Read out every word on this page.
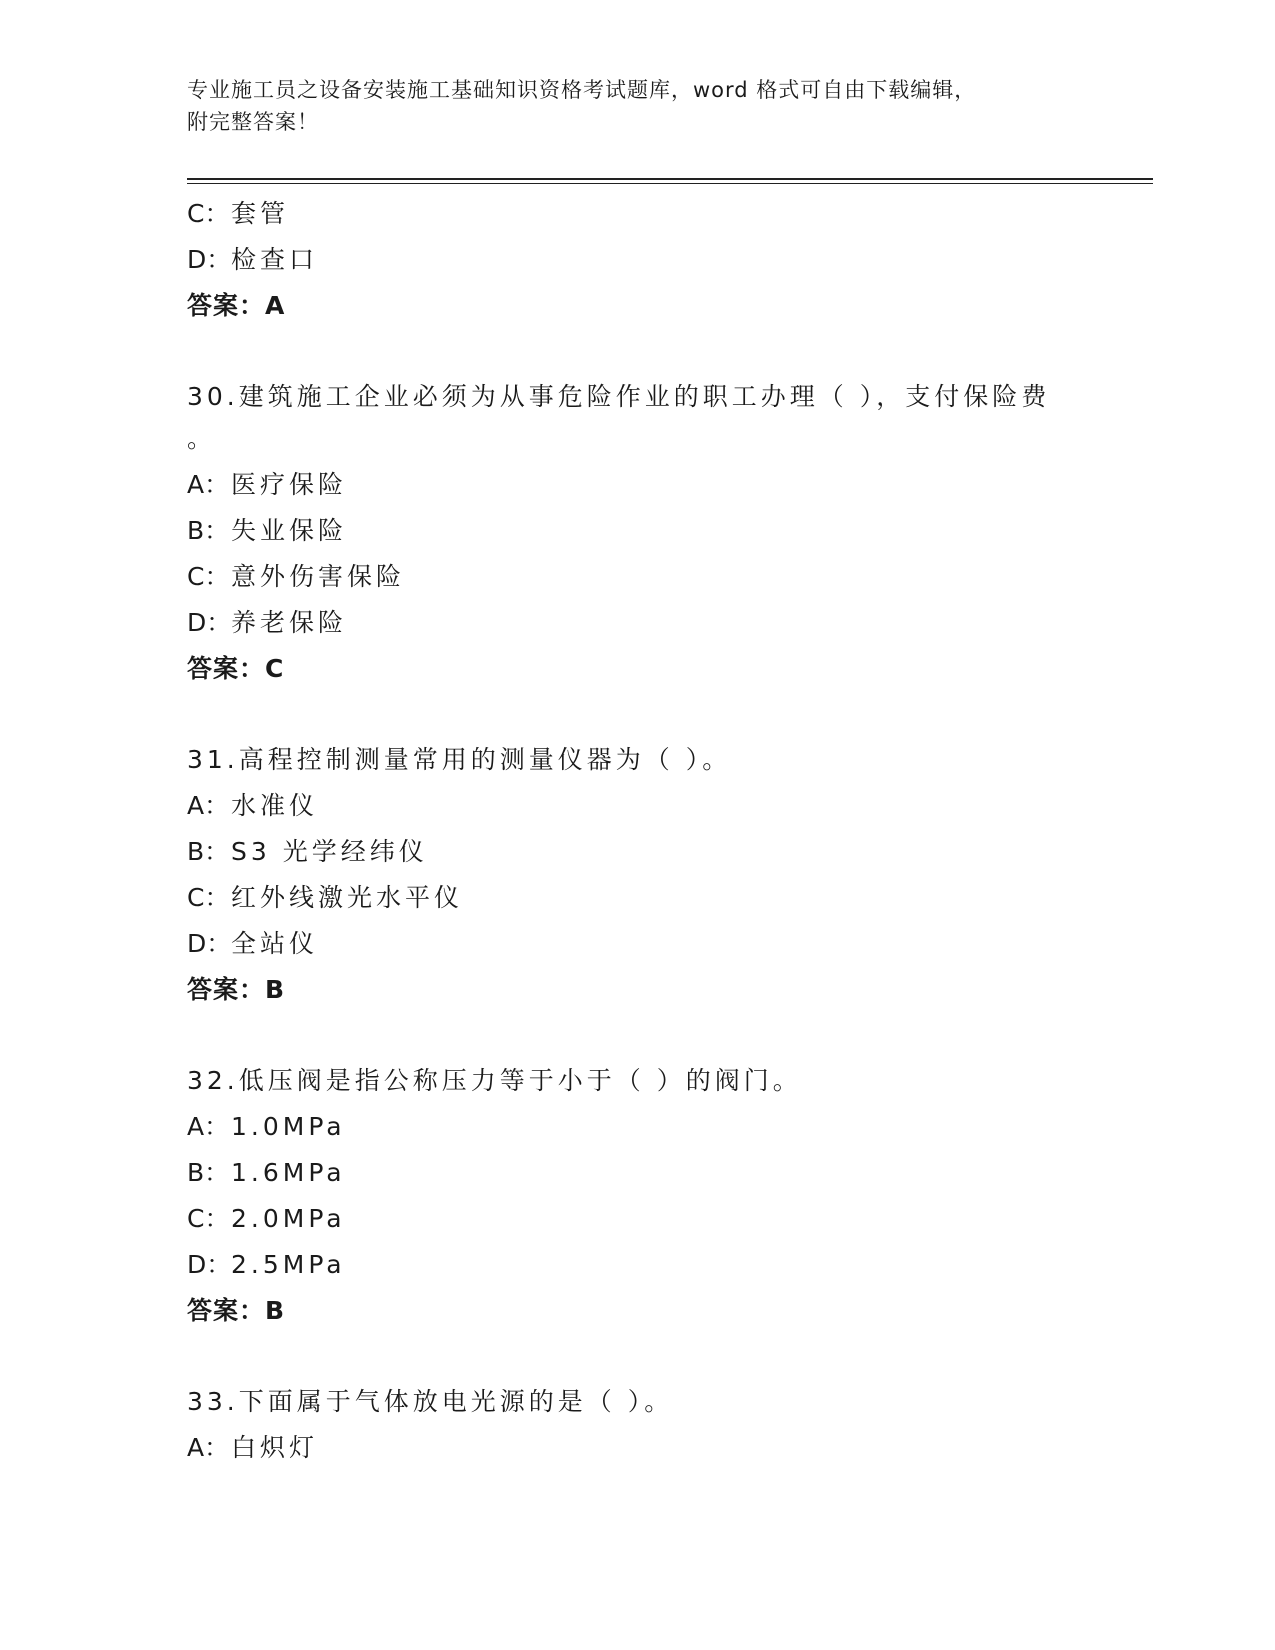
专业施工员之设备安装施工基础知识资格考试题库，word 格式可自由下载编辑，
附完整答案！
C：套管
D：检查口
答案：A
30.建筑施工企业必须为从事危险作业的职工办理（ ），支付保险费
。
A：医疗保险
B：失业保险
C：意外伤害保险
D：养老保险
答案：C
31.高程控制测量常用的测量仪器为（ ）。
A：水准仪
B：S3 光学经纬仪
C：红外线激光水平仪
D：全站仪
答案：B
32.低压阀是指公称压力等于小于（ ）的阀门。
A：1.0MPa
B：1.6MPa
C：2.0MPa
D：2.5MPa
答案：B
33.下面属于气体放电光源的是（ ）。
A：白炽灯
